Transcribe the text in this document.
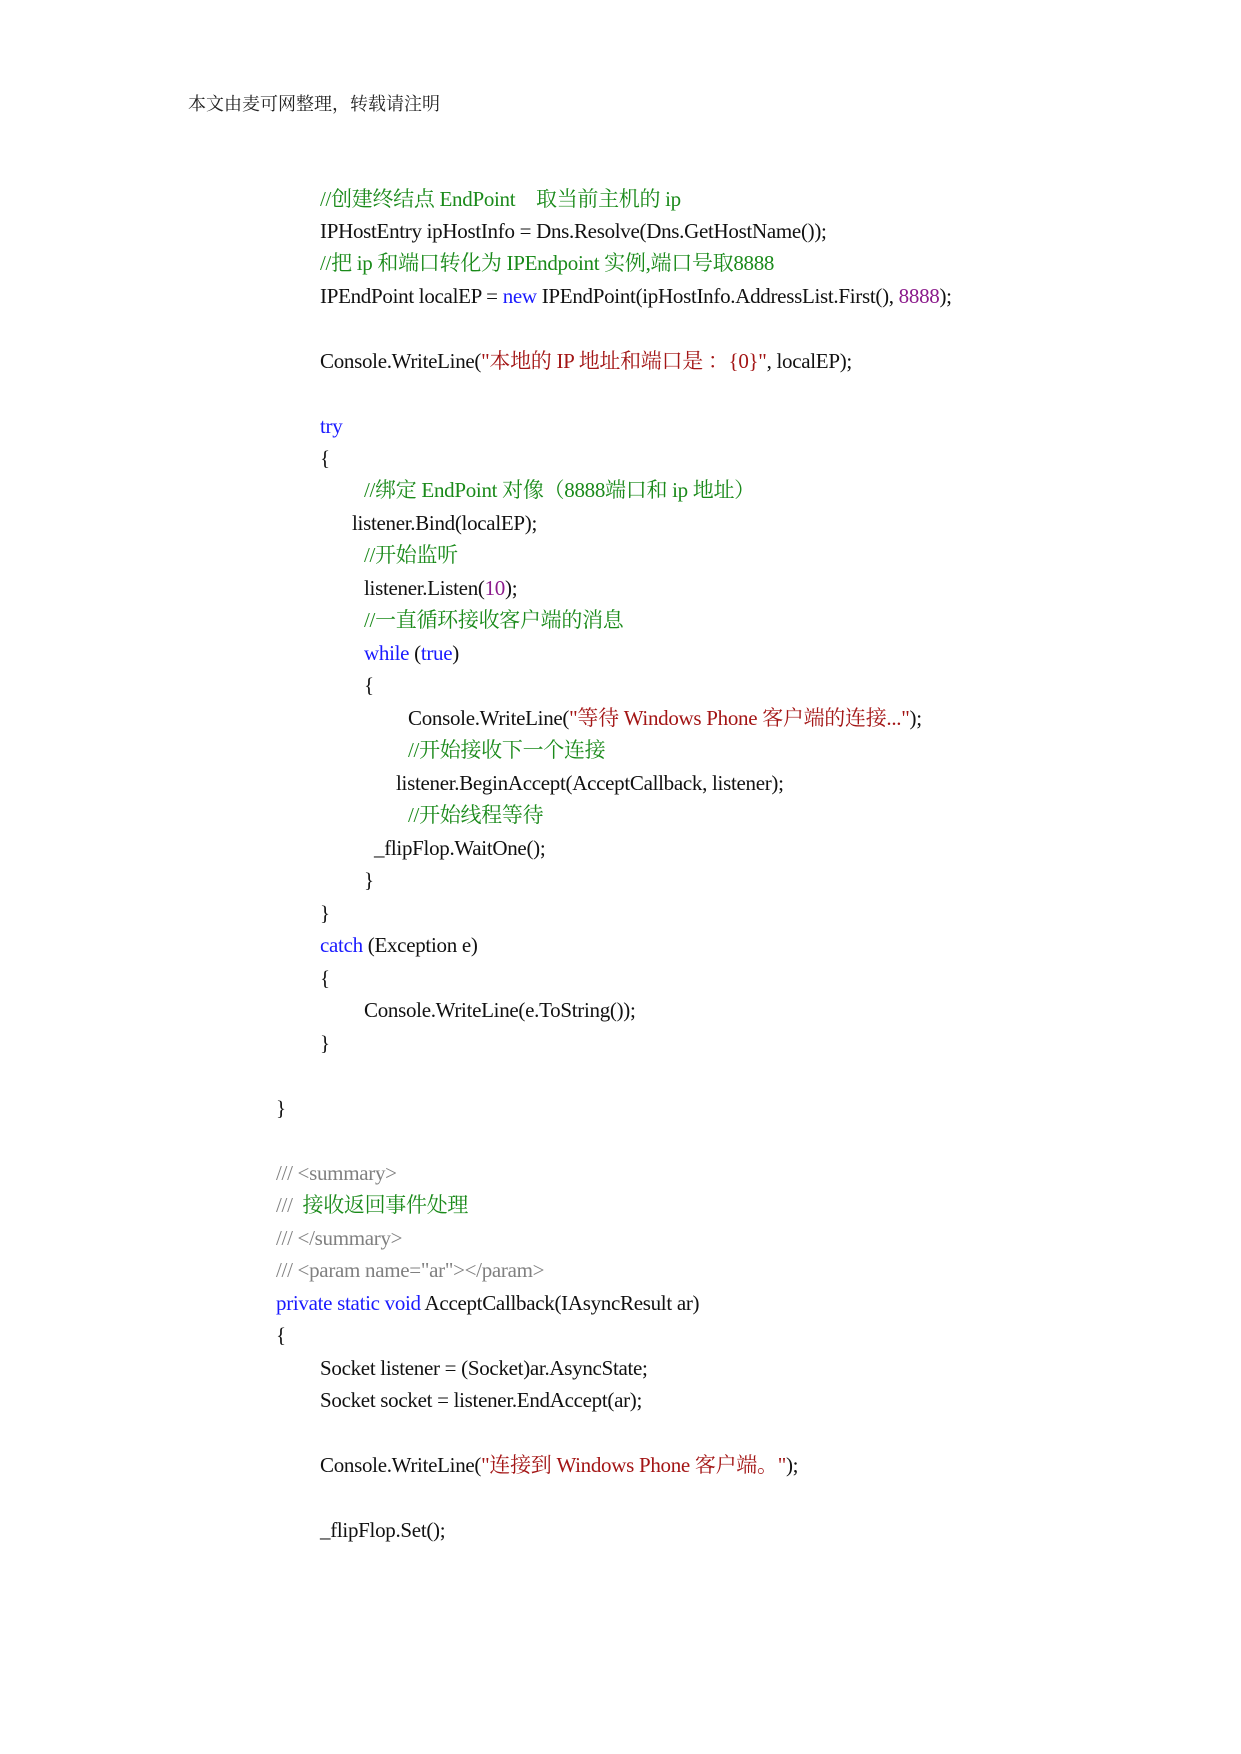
本文由麦可网整理，转载请注明
//创建终结点 EndPoint　取当前主机的 ip
IPHostEntry ipHostInfo = Dns.Resolve(Dns.GetHostName());
//把 ip 和端口转化为 IPEndpoint 实例,端口号取8888
IPEndPoint localEP = new IPEndPoint(ipHostInfo.AddressList.First(), 8888);
Console.WriteLine("本地的 IP 地址和端口是 ：{0}", localEP);
try
{
//绑定 EndPoint 对像（8888端口和 ip 地址）
listener.Bind(localEP);
//开始监听
listener.Listen(10);
//一直循环接收客户端的消息
while (true)
{
Console.WriteLine("等待 Windows Phone 客户端的连接...");
//开始接收下一个连接
listener.BeginAccept(AcceptCallback, listener);
//开始线程等待
_flipFlop.WaitOne();
}
}
catch (Exception e)
{
Console.WriteLine(e.ToString());
}
}
/// <summary>
///  接收返回事件处理
/// </summary>
/// <param name="ar"></param>
private static void AcceptCallback(IAsyncResult ar)
{
Socket listener = (Socket)ar.AsyncState;
Socket socket = listener.EndAccept(ar);
Console.WriteLine("连接到 Windows Phone 客户端。");
_flipFlop.Set();
